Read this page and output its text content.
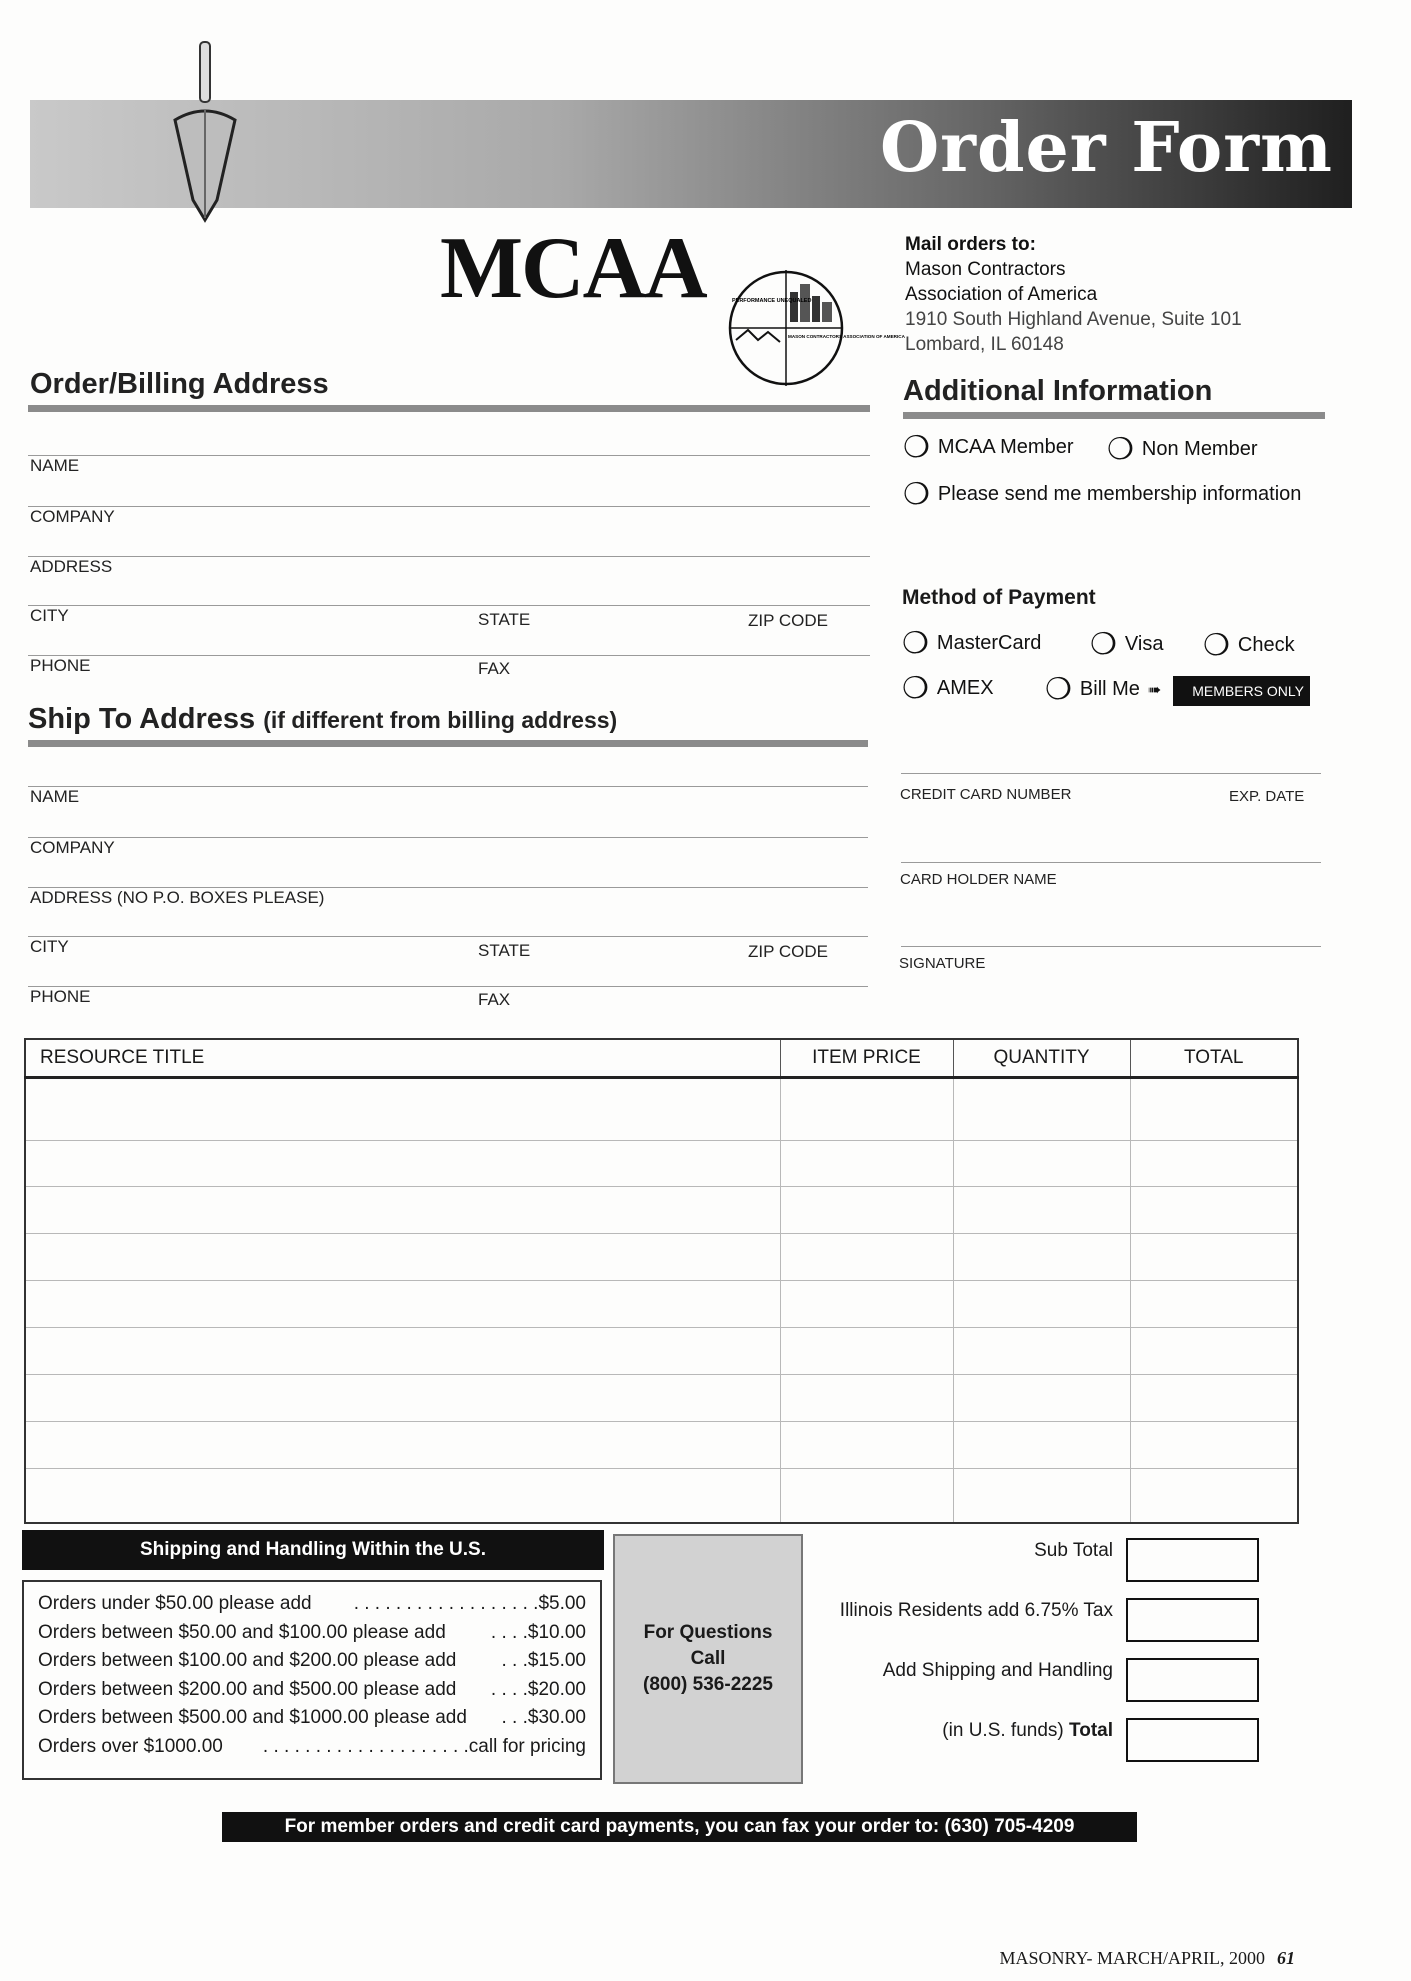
Order Form
MCAA	PERFORMANCE UNEQUALED
MASON CONTRACTORS ASSOCIATION OF AMERICA
Mail orders to:
Mason Contractors
Association of America
1910 South Highland Avenue, Suite 101
Lombard, IL 60148
Order/Billing Address
NAME
COMPANY
ADDRESS
CITY	STATE	ZIP CODE
PHONE	FAX
Ship To Address (if different from billing address)
NAME
COMPANY
ADDRESS (NO P.O. BOXES PLEASE)
CITY	STATE	ZIP CODE
PHONE	FAX
Additional Information
❍ MCAA Member ❍ Non Member
❍ Please send me membership information
Method of Payment
❍ MasterCard ❍ Visa ❍ Check
❍ AMEX ❍ Bill Me ➠	MEMBERS ONLY
CREDIT CARD NUMBER	EXP. DATE
CARD HOLDER NAME
SIGNATURE
RESOURCE TITLE	ITEM PRICE	QUANTITY	TOTAL

Shipping and Handling Within the U.S.
Orders under $50.00 please add . . . . . . . . . . . . . . . . . .$5.00
Orders between $50.00 and $100.00 please add . . . .$10.00
Orders between $100.00 and $200.00 please add . . .$15.00
Orders between $200.00 and $500.00 please add . . . .$20.00
Orders between $500.00 and $1000.00 please add . . .$30.00
Orders over $1000.00 . . . . . . . . . . . . . . . . . . . .call for pricing
For Questions
Call
(800) 536-2225
Sub Total
Illinois Residents add 6.75% Tax
Add Shipping and Handling
(in U.S. funds) Total
For member orders and credit card payments, you can fax your order to: (630) 705-4209
MASONRY- MARCH/APRIL, 2000 61
